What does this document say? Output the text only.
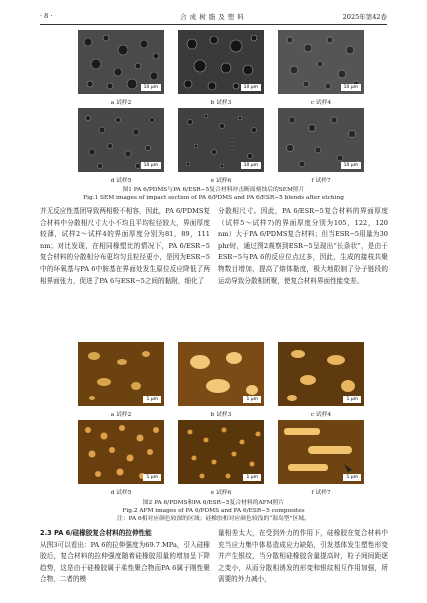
· 8 ·	合成树脂及塑料	2025年第42卷
10 μm
a 试样2
10 μm
b 试样3
10 μm
c 试样4
10 μm
d 试样5
10 μm
e 试样6
10 μm
f 试样7
图1 PA 6/PDMS与PA 6/ESR−5复合材料冲击断面刻蚀后的SEM照片
Fig.1 SEM images of impact section of PA 6/PDMS and PA 6/ESR−5 blends after etching

并无反应性基团导致两相极不相容，因此，PA 6/PDMS复合材料中分散相尺寸大小不均且平均粒径较大，界面厚度较薄，试样2～试样4的界面厚度分别为81，89，111 nm；对比发现，在相同橡塑比的情况下，PA 6/ESR−5复合材料的分散相分布更均匀且粒径更小，是因为ESR−5中的环氧基与PA 6中胺基在界面处发生原位反应降低了两相界面张力，促进了PA 6与ESR−5之间的黏附，细化了

分散相尺寸。因此，PA 6/ESR−5复合材料的界面厚度（试样5～试样7)的界面厚度分别为105，122，120 nm）大于PA 6/PDMS复合材料；但当ESR−5用量为30 phr时，通过图2观察到ESR−5呈现出“长条状”，是由于ESR−5与PA 6的反应位点过多，因此，生成的接枝共聚物数目增加，提高了熔体黏度，极大地限制了分子链段的运动导致分散相团聚，使复合材料界面性能变差。

1 μm
a 试样2
1 μm
b 试样3
1 μm
c 试样4
1 μm
d 试样5
1 μm
e 试样6
1 μm
f 试样7
图2 PA 6/PDMS和PA 6/ESR−5复合材料的AFM照片
Fig.2 AFM images of PA 6/PDMS and PA 6/ESR−5 composites
注：PA 6相对应颜色较深的区域；硅橡胶相对应颜色较浅的“海岛型”区域。

2.3 PA 6/硅橡胶复合材料的拉伸性能

从图3可以看出：PA 6的拉伸强度为69.7 MPa，引入硅橡胶后，复合材料的拉伸强度随着硅橡胶用量的增加呈下降趋势，这是由于硅橡胶属于柔性聚合物而PA 6属于刚性聚合物，二者的模

量相差太大，在受到外力的作用下，硅橡胶在复合材料中充当应力集中体易造成应力缺陷，引发基体发生塑性形变并产生银纹，当分散相硅橡胶含量提高时，粒子间间距逐之变小，从而分散相诱发的形变和银纹相互作用加强，所需要的外力减小，
